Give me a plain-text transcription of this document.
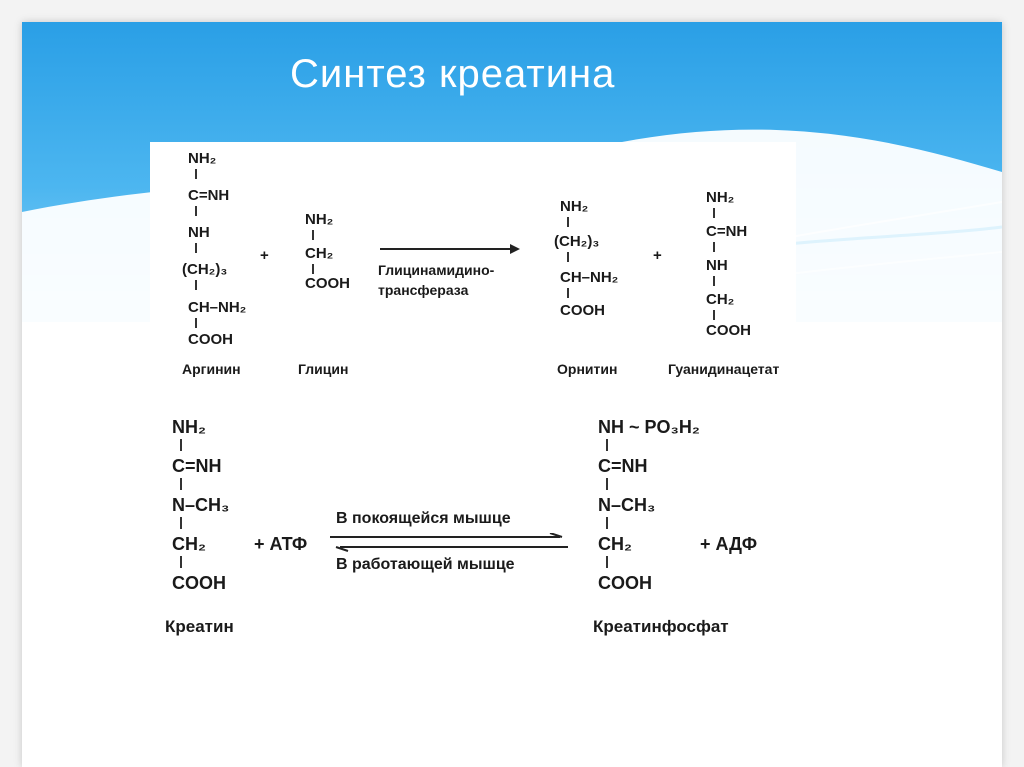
Синтез креатина
NH₂
C=NH
NH
(CH₂)₃
CH–NH₂
COOH
Аргинин
+
NH₂
CH₂
COOH
Глицин
Глицинамидино-
трансфераза
NH₂
(CH₂)₃
CH–NH₂
COOH
Орнитин
+
NH₂
C=NH
NH
CH₂
COOH
Гуанидинацетат
NH₂
C=NH
N–CH₃
CH₂
COOH
Креатин
+ АТФ
В покоящейся мышце
В работающей мышце
NH ~ PO₃H₂
C=NH
N–CH₃
CH₂
COOH
Креатинфосфат
+ АДФ
